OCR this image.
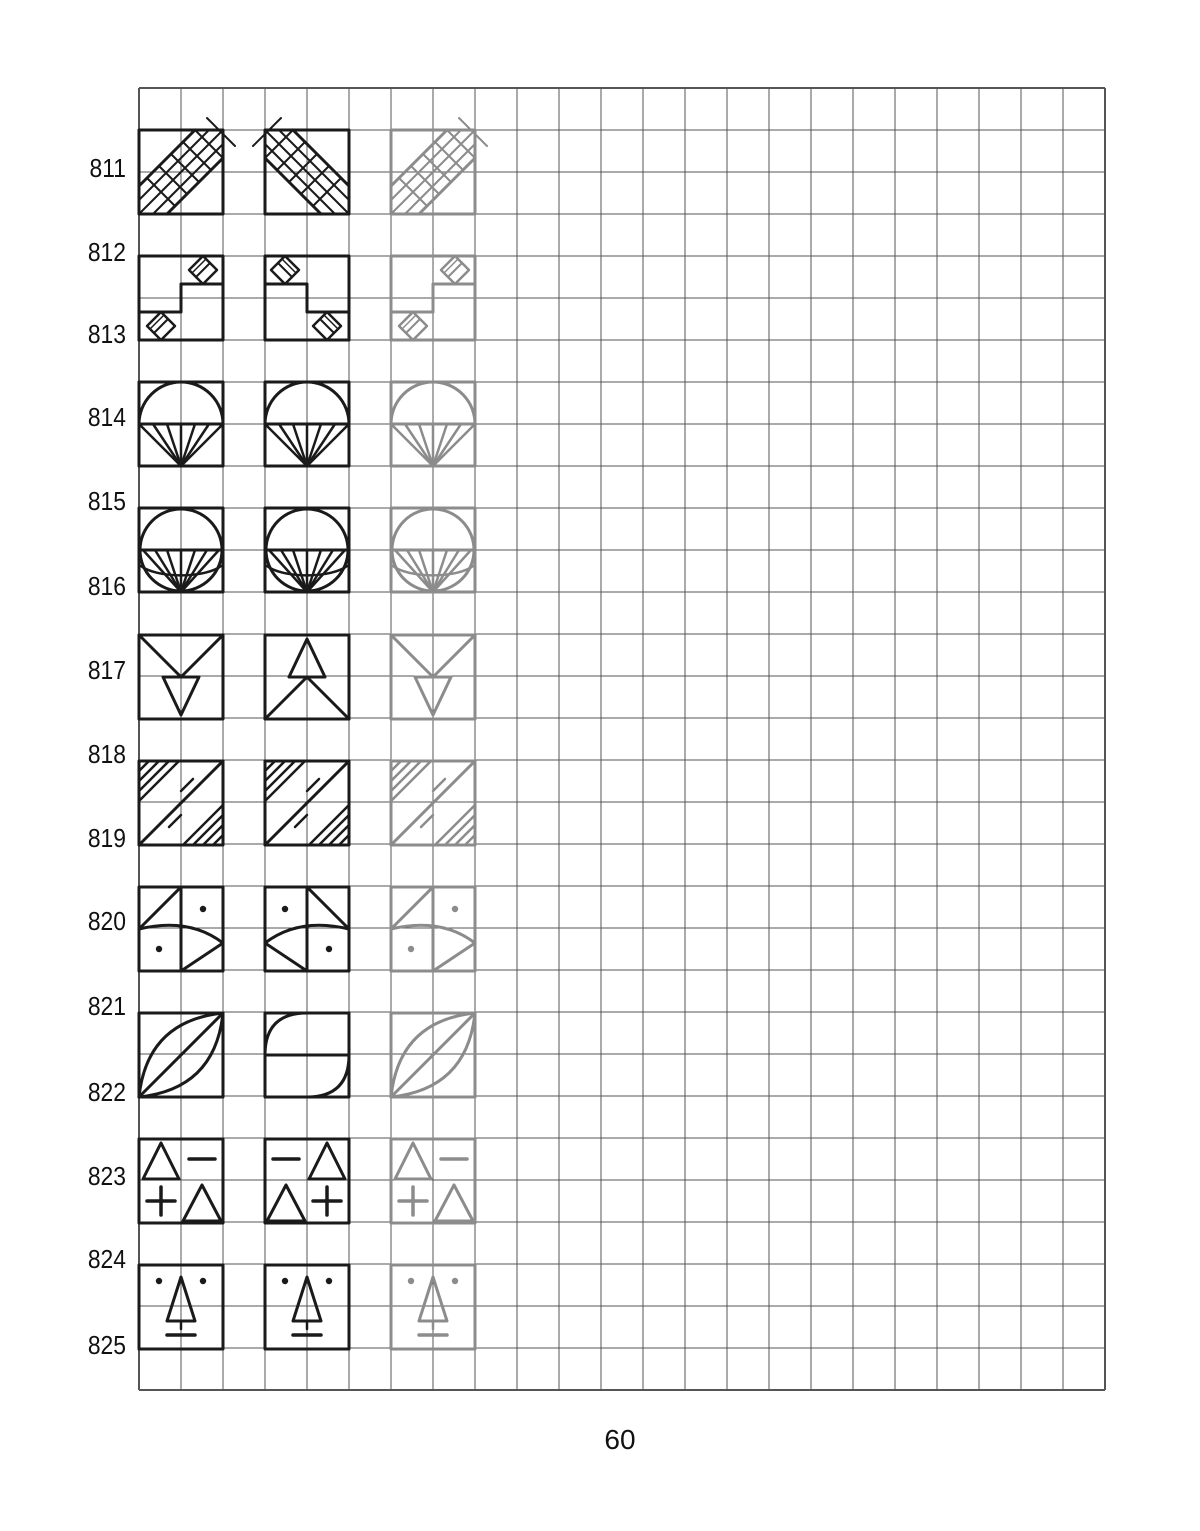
811
812
813
814
815
816
817
818
819
820
821
822
823
824
825
60
